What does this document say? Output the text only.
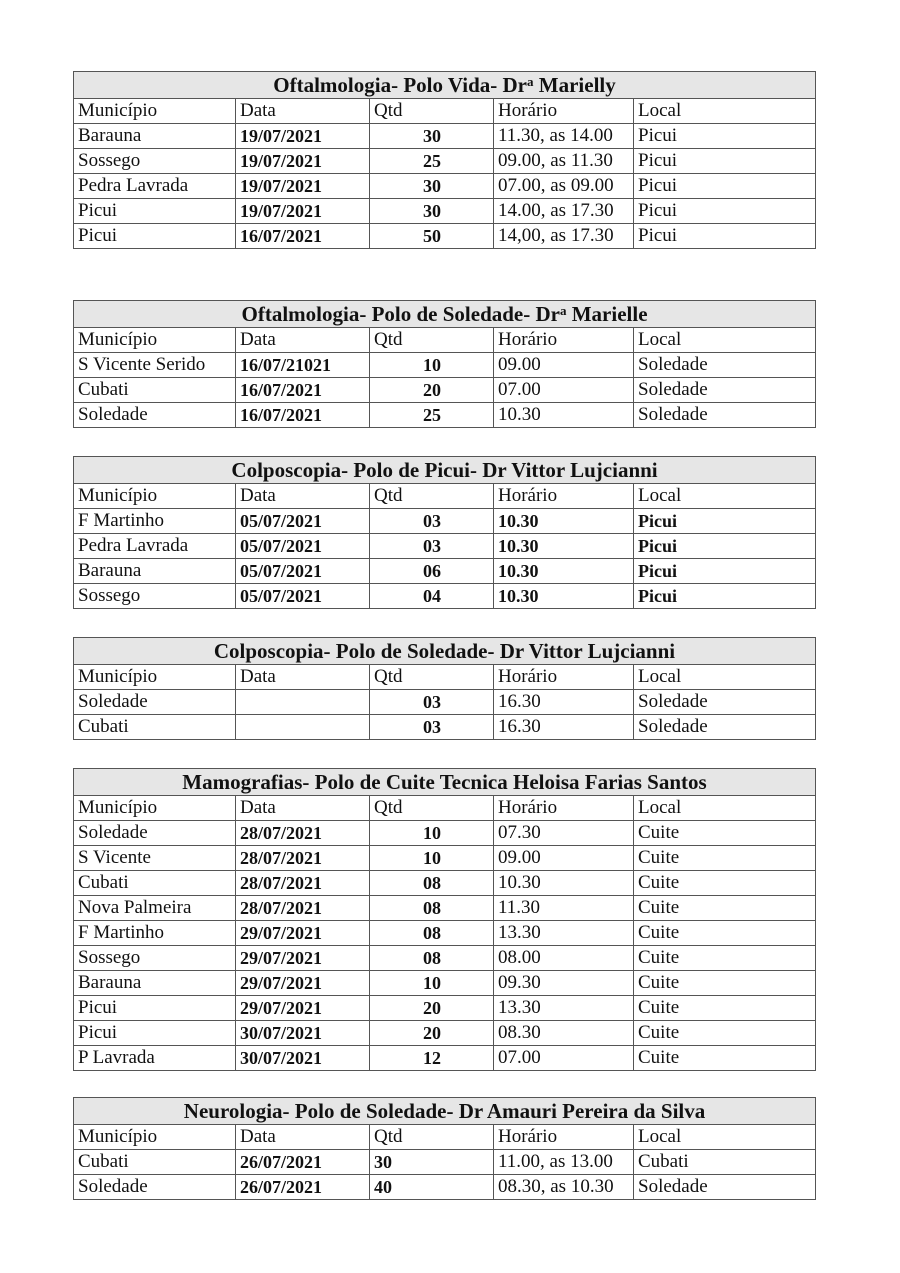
Oftalmologia- Polo Vida- Dr$^a$ Marielly				
Município	Data	Qtd	Horário	Local
Barauna	19/07/2021	30	11.30, as 14.00	Picui
Sossego	19/07/2021	25	09.00, as 11.30	Picui
Pedra Lavrada	19/07/2021	30	07.00, as 09.00	Picui
Picui	19/07/2021	30	14.00, as 17.30	Picui
Picui	16/07/2021	50	14,00, as 17.30	Picui
Oftalmologia- Polo de Soledade- Dr$^a$ Marielle				
Município	Data	Qtd	Horário	Local
S Vicente Serido	16/07/21021	10	09.00	Soledade
Cubati	16/07/2021	20	07.00	Soledade
Soledade	16/07/2021	25	10.30	Soledade
Colposcopia- Polo de Picui- Dr Vittor Lujcianni				
Município	Data	Qtd	Horário	Local
F Martinho	05/07/2021	03	10.30	Picui
Pedra Lavrada	05/07/2021	03	10.30	Picui
Barauna	05/07/2021	06	10.30	Picui
Sossego	05/07/2021	04	10.30	Picui
Colposcopia- Polo de Soledade- Dr Vittor Lujcianni				
Município	Data	Qtd	Horário	Local
Soledade		03	16.30	Soledade
Cubati		03	16.30	Soledade
Mamografias- Polo de Cuite Tecnica Heloisa Farias Santos				
Município	Data	Qtd	Horário	Local
Soledade	28/07/2021	10	07.30	Cuite
S Vicente	28/07/2021	10	09.00	Cuite
Cubati	28/07/2021	08	10.30	Cuite
Nova Palmeira	28/07/2021	08	11.30	Cuite
F Martinho	29/07/2021	08	13.30	Cuite
Sossego	29/07/2021	08	08.00	Cuite
Barauna	29/07/2021	10	09.30	Cuite
Picui	29/07/2021	20	13.30	Cuite
Picui	30/07/2021	20	08.30	Cuite
P Lavrada	30/07/2021	12	07.00	Cuite
Neurologia- Polo de Soledade- Dr Amauri Pereira da Silva				
Município	Data	Qtd	Horário	Local
Cubati	26/07/2021	30	11.00, as 13.00	Cubati
Soledade	26/07/2021	40	08.30, as 10.30	Soledade
